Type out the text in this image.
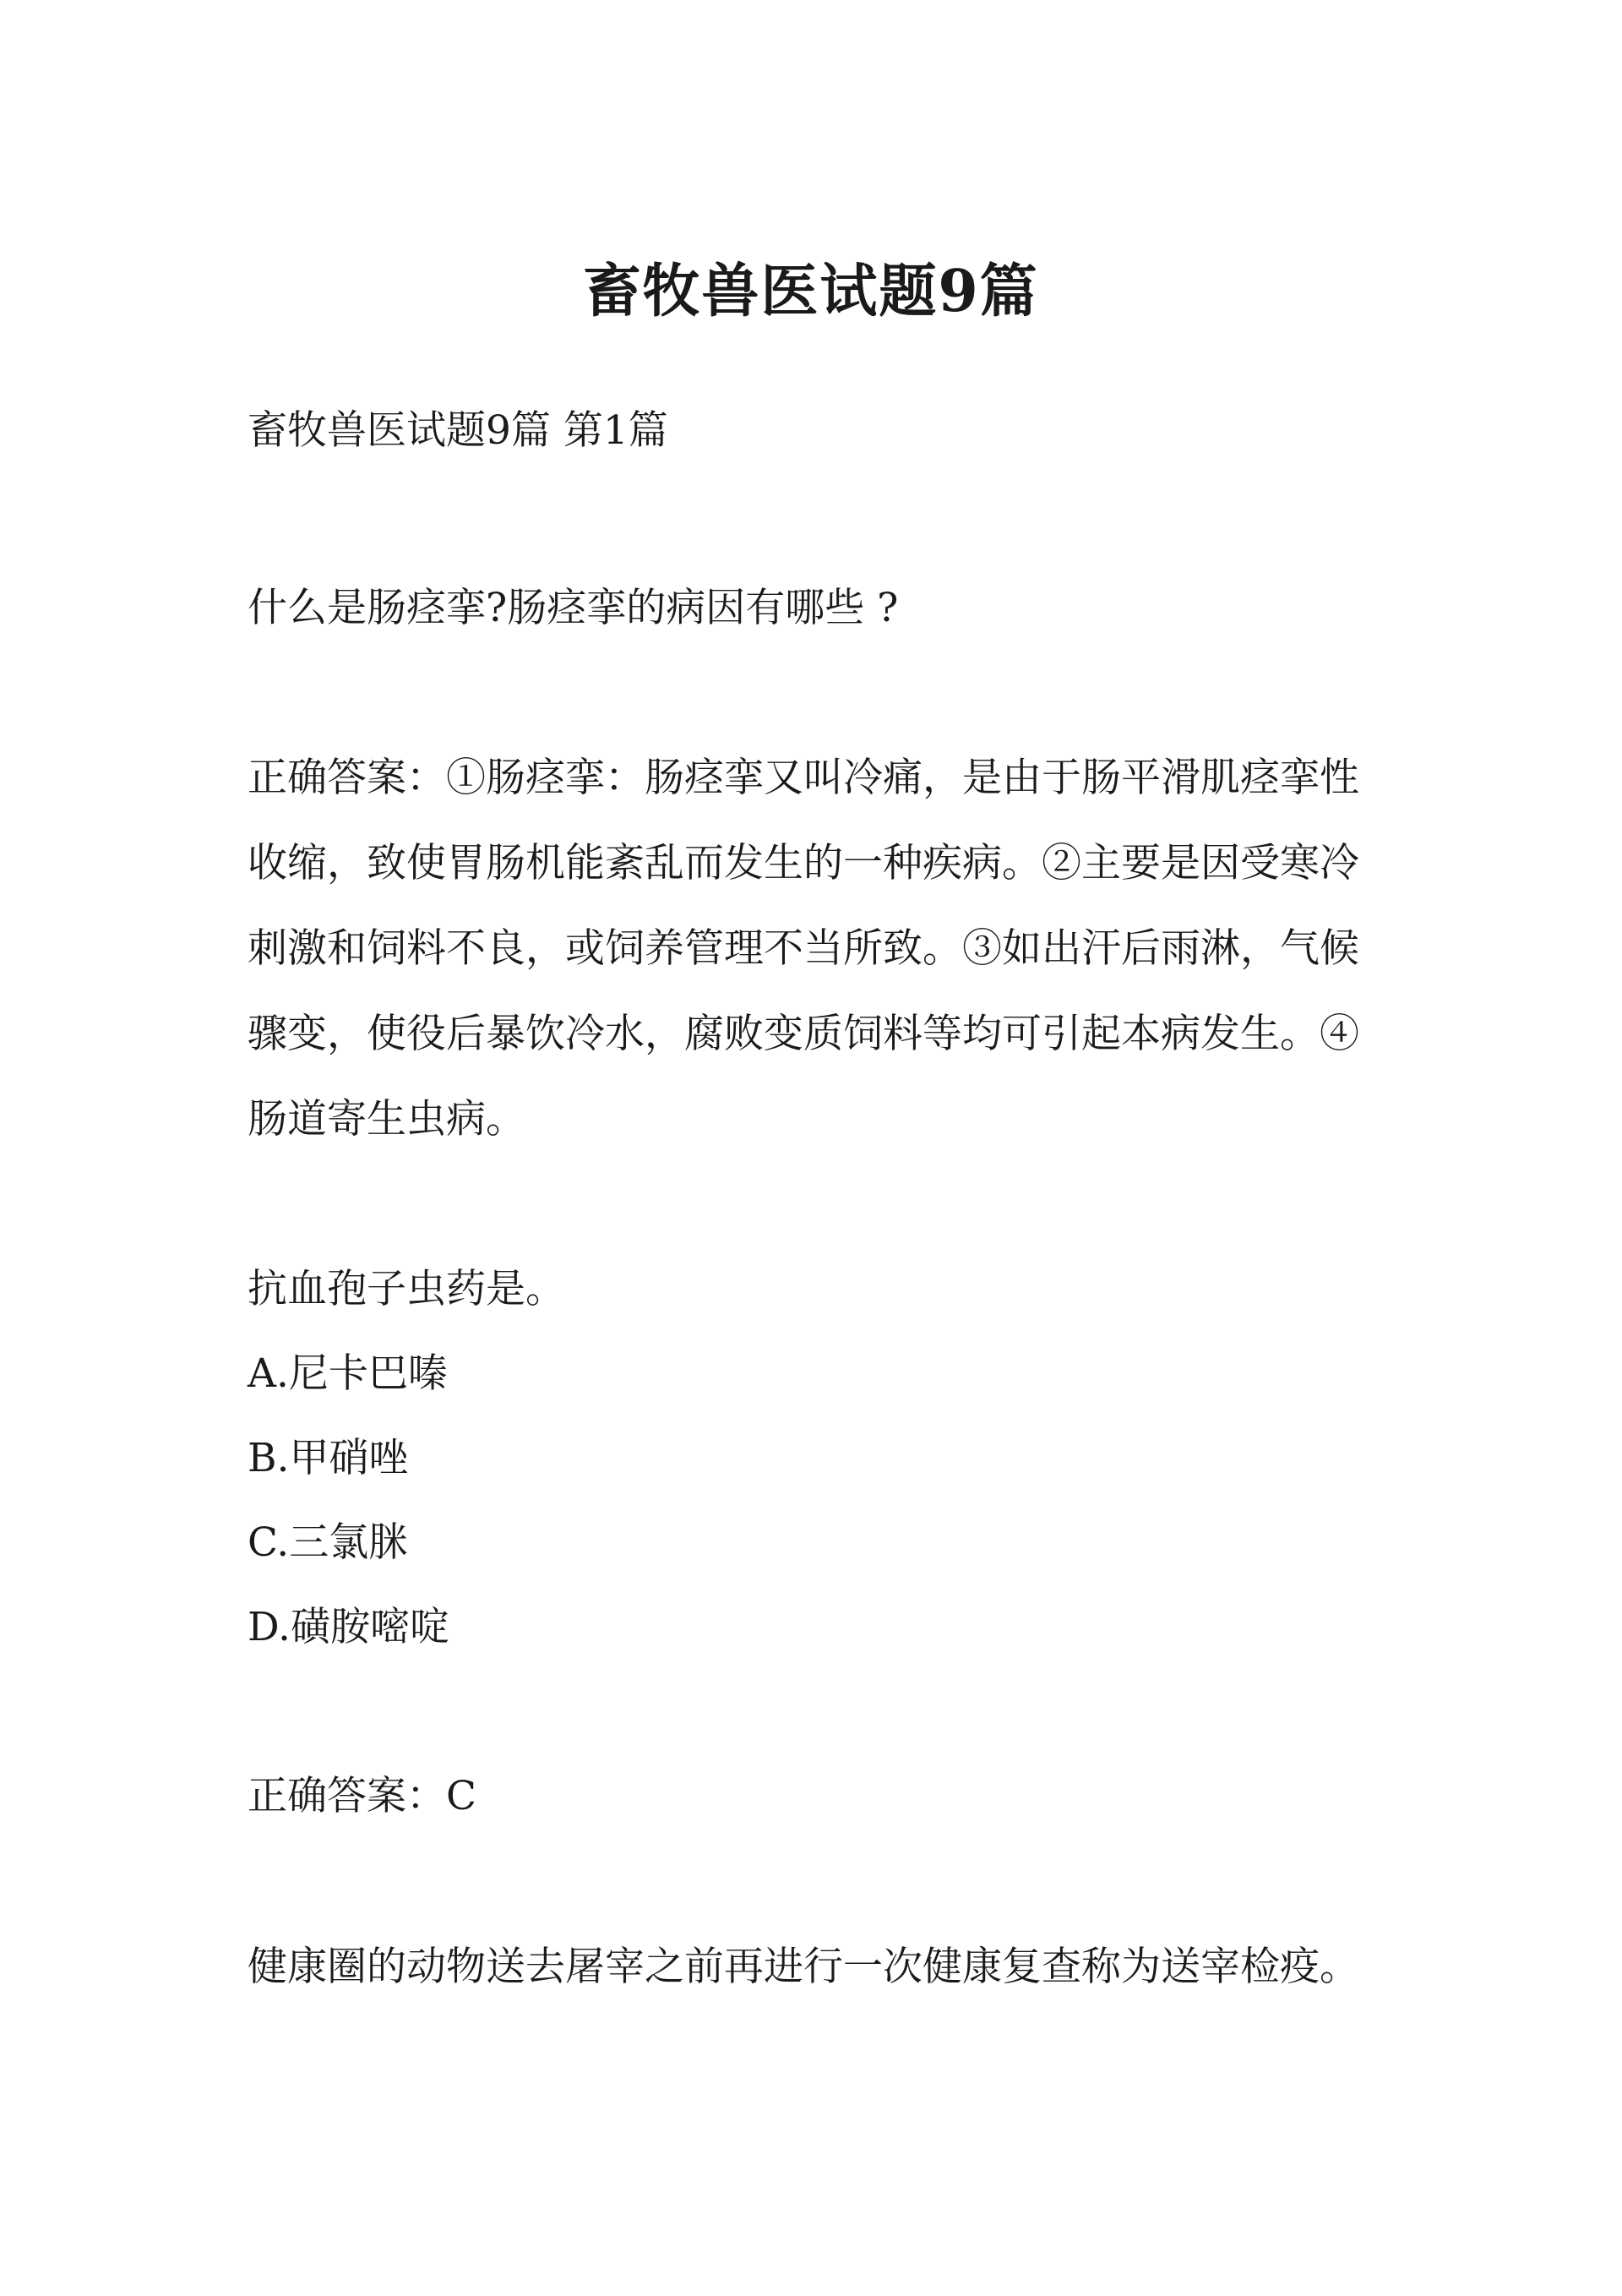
畜牧兽医试题9篇
畜牧兽医试题9篇 第1篇
什么是肠痉挛?肠痉挛的病因有哪些 ?
正确答案：①肠痉挛：肠痉挛又叫冷痛，是由于肠平滑肌痉挛性收缩，致使胃肠机能紊乱而发生的一种疾病。②主要是因受寒冷刺激和饲料不良，或饲养管理不当所致。③如出汗后雨淋，气候骤变，使役后暴饮冷水，腐败变质饲料等均可引起本病发生。④肠道寄生虫病。
抗血孢子虫药是。
A.尼卡巴嗪
B.甲硝唑
C.三氯脒
D.磺胺嘧啶
正确答案：C
健康圈的动物送去屠宰之前再进行一次健康复查称为送宰检疫。
